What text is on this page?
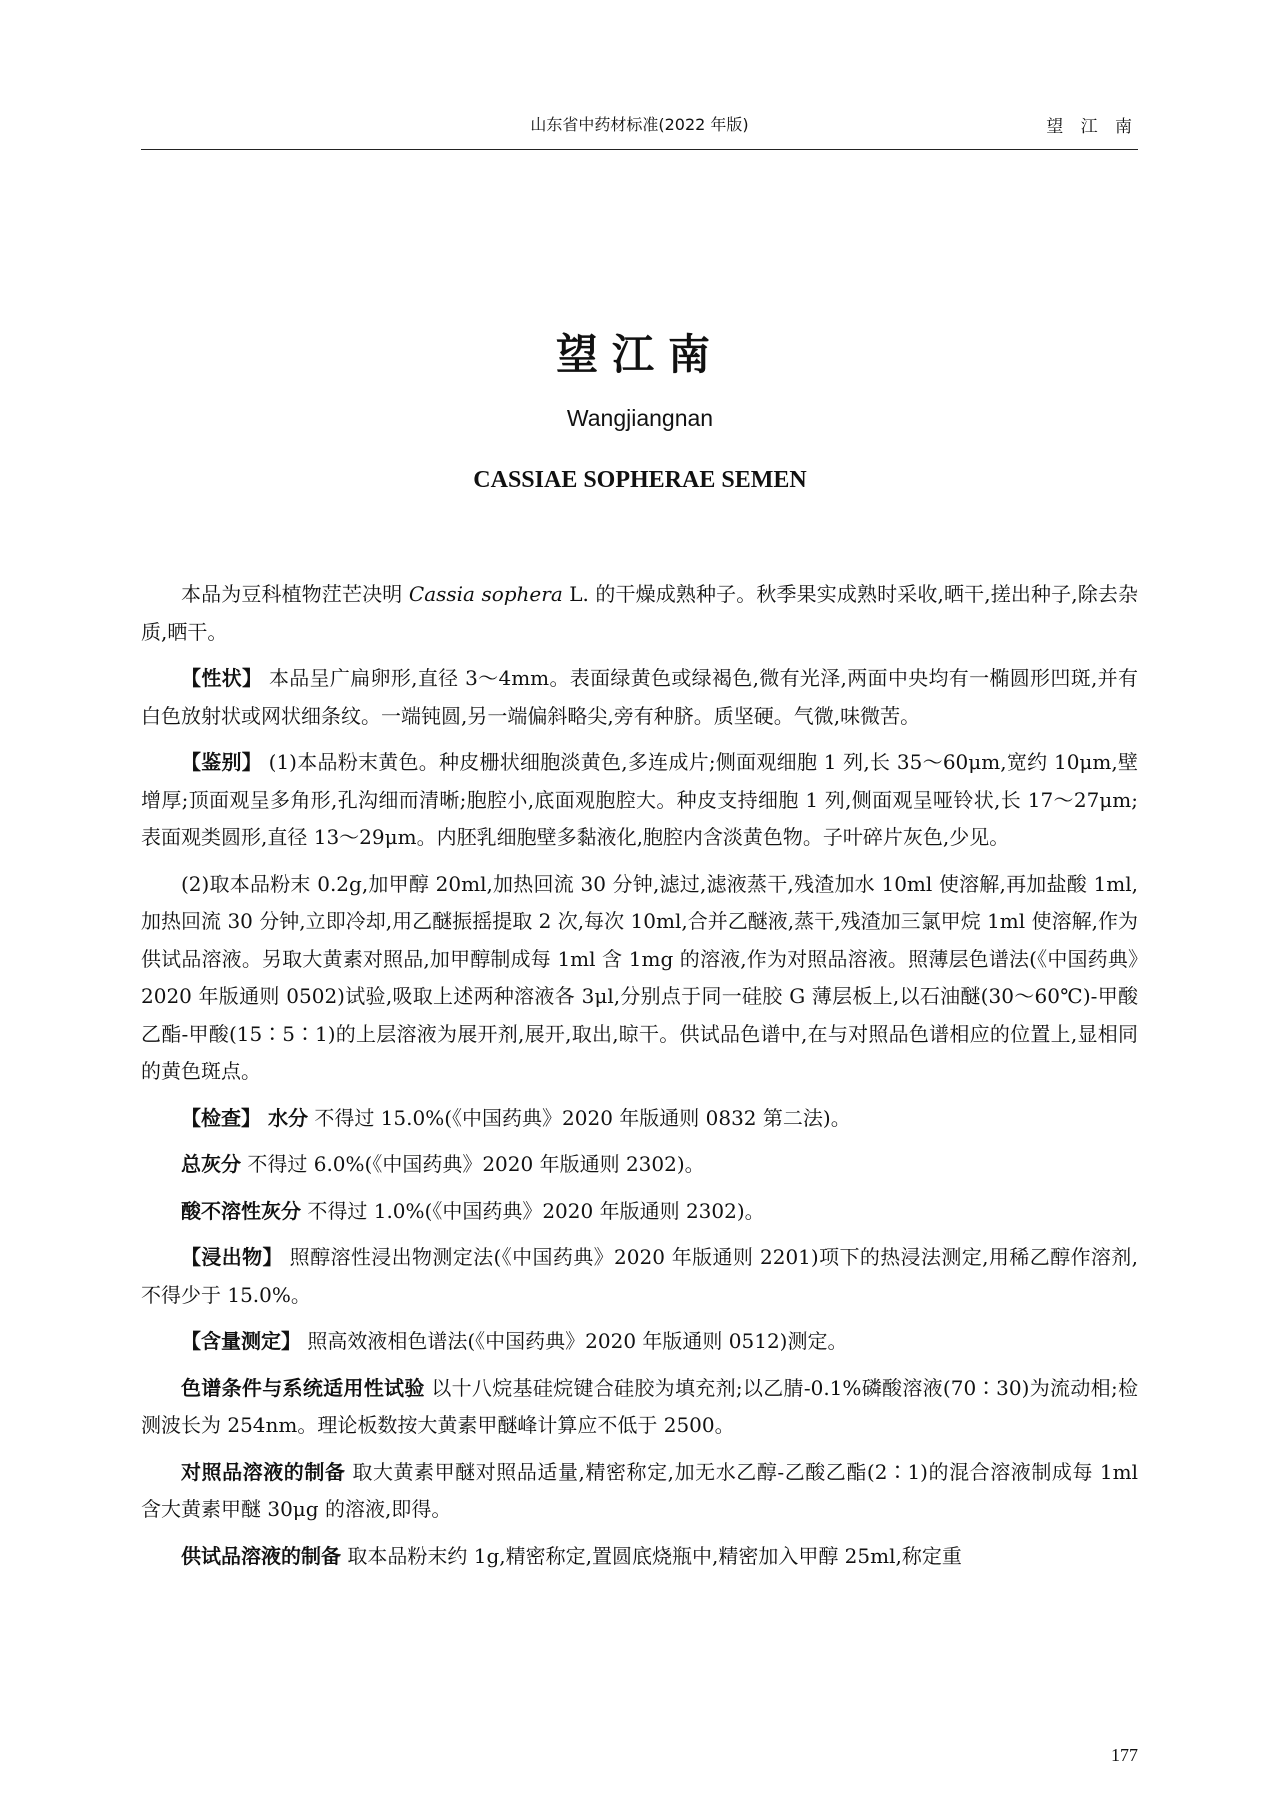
山东省中药材标准(2022 年版)	望 江 南
望江南
Wangjiangnan
CASSIAE SOPHERAE SEMEN

本品为豆科植物茳芒决明 Cassia sophera L. 的干燥成熟种子。秋季果实成熟时采收,晒干,搓出种子,除去杂质,晒干。

【性状】 本品呈广扁卵形,直径 3～4mm。表面绿黄色或绿褐色,微有光泽,两面中央均有一椭圆形凹斑,并有白色放射状或网状细条纹。一端钝圆,另一端偏斜略尖,旁有种脐。质坚硬。气微,味微苦。

【鉴别】 (1)本品粉末黄色。种皮栅状细胞淡黄色,多连成片;侧面观细胞 1 列,长 35～60μm,宽约 10μm,壁增厚;顶面观呈多角形,孔沟细而清晰;胞腔小,底面观胞腔大。种皮支持细胞 1 列,侧面观呈哑铃状,长 17～27μm;表面观类圆形,直径 13～29μm。内胚乳细胞壁多黏液化,胞腔内含淡黄色物。子叶碎片灰色,少见。

(2)取本品粉末 0.2g,加甲醇 20ml,加热回流 30 分钟,滤过,滤液蒸干,残渣加水 10ml 使溶解,再加盐酸 1ml,加热回流 30 分钟,立即冷却,用乙醚振摇提取 2 次,每次 10ml,合并乙醚液,蒸干,残渣加三氯甲烷 1ml 使溶解,作为供试品溶液。另取大黄素对照品,加甲醇制成每 1ml 含 1mg 的溶液,作为对照品溶液。照薄层色谱法(《中国药典》2020 年版通则 0502)试验,吸取上述两种溶液各 3μl,分别点于同一硅胶 G 薄层板上,以石油醚(30～60℃)-甲酸乙酯-甲酸(15∶5∶1)的上层溶液为展开剂,展开,取出,晾干。供试品色谱中,在与对照品色谱相应的位置上,显相同的黄色斑点。

【检查】 水分 不得过 15.0%(《中国药典》2020 年版通则 0832 第二法)。

总灰分 不得过 6.0%(《中国药典》2020 年版通则 2302)。

酸不溶性灰分 不得过 1.0%(《中国药典》2020 年版通则 2302)。

【浸出物】 照醇溶性浸出物测定法(《中国药典》2020 年版通则 2201)项下的热浸法测定,用稀乙醇作溶剂,不得少于 15.0%。

【含量测定】 照高效液相色谱法(《中国药典》2020 年版通则 0512)测定。

色谱条件与系统适用性试验 以十八烷基硅烷键合硅胶为填充剂;以乙腈-0.1%磷酸溶液(70∶30)为流动相;检测波长为 254nm。理论板数按大黄素甲醚峰计算应不低于 2500。

对照品溶液的制备 取大黄素甲醚对照品适量,精密称定,加无水乙醇-乙酸乙酯(2∶1)的混合溶液制成每 1ml 含大黄素甲醚 30μg 的溶液,即得。

供试品溶液的制备 取本品粉末约 1g,精密称定,置圆底烧瓶中,精密加入甲醇 25ml,称定重

177
